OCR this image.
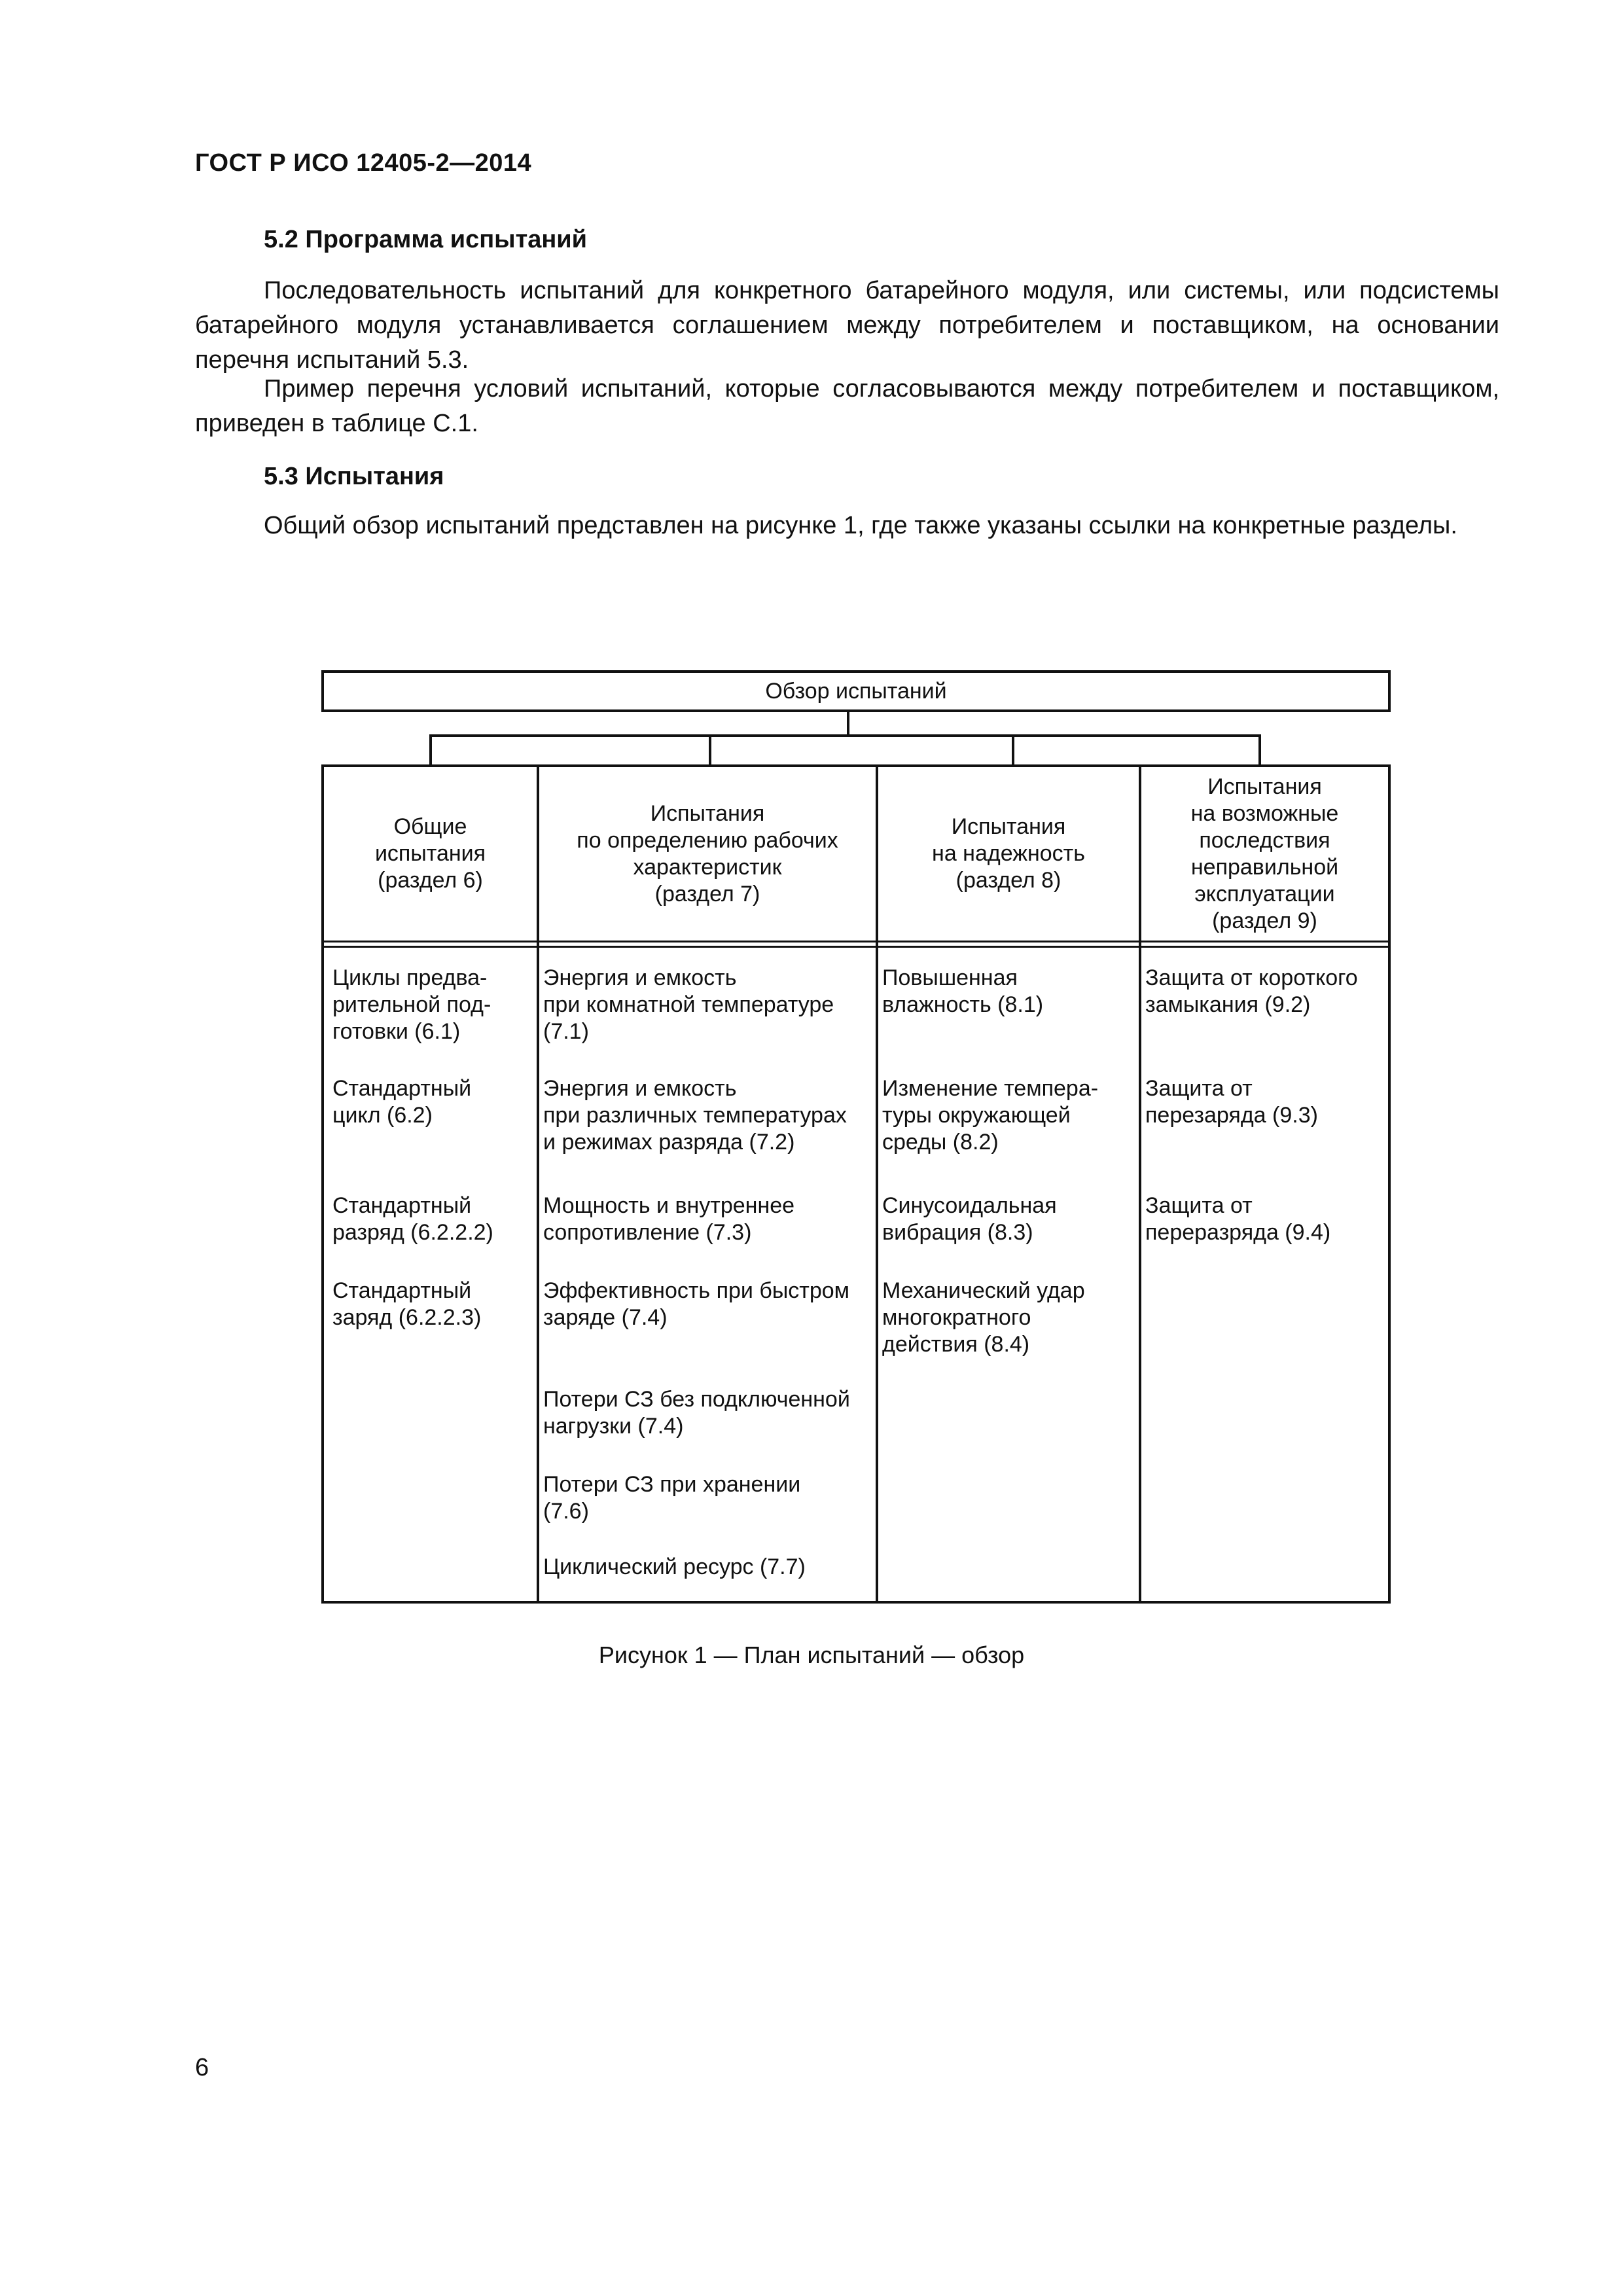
ГОСТ Р ИСО 12405-2—2014
5.2 Программа испытаний

Последовательность испытаний для конкретного батарейного модуля, или системы, или подсистемы батарейного модуля устанавливается соглашением между потребителем и поставщиком, на основании перечня испытаний 5.3.

Пример перечня условий испытаний, которые согласовываются между потребителем и поставщиком, приведен в таблице С.1.

5.3 Испытания

Общий обзор испытаний представлен на рисунке 1, где также указаны ссылки на конкретные разделы.

Обзор испытаний
Общие
испытания
(раздел 6)
Испытания
по определению рабочих
характеристик
(раздел 7)
Испытания
на надежность
(раздел 8)
Испытания
на возможные
последствия
неправильной
эксплуатации
(раздел 9)
Циклы предва-
рительной под-
готовки (6.1)
Стандартный
цикл (6.2)
Стандартный
разряд (6.2.2.2)
Стандартный
заряд (6.2.2.3)
Энергия и емкость
при комнатной температуре
(7.1)
Энергия и емкость
при различных температурах
и режимах разряда (7.2)
Мощность и внутреннее
сопротивление (7.3)
Эффективность при быстром
заряде (7.4)
Потери СЗ без подключенной
нагрузки (7.4)
Потери СЗ при хранении
(7.6)
Циклический ресурс (7.7)
Повышенная
влажность (8.1)
Изменение темпера-
туры окружающей
среды (8.2)
Синусоидальная
вибрация (8.3)
Механический удар
многократного
действия (8.4)
Защита от короткого
замыкания (9.2)
Защита от
перезаряда (9.3)
Защита от
переразряда (9.4)
Рисунок 1 — План испытаний — обзор
6
